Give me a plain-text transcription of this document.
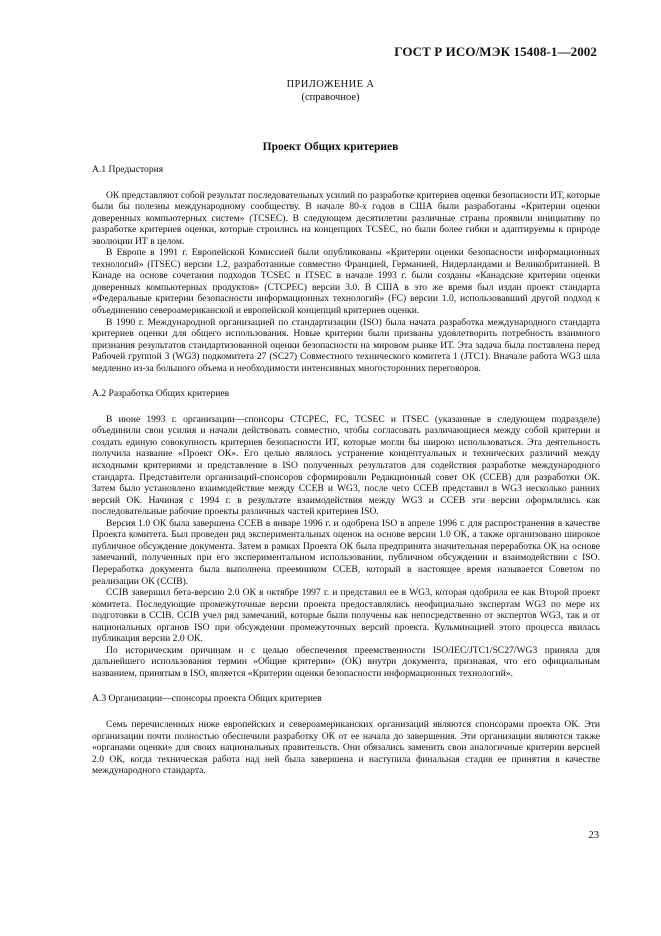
ГОСТ Р ИСО/МЭК 15408-1—2002
ПРИЛОЖЕНИЕ А
(справочное)
Проект Общих критериев

А.1 Предыстория

ОК представляют собой результат последовательных усилий по разработке критериев оценки безопасности ИТ, которые были бы полезны международному сообществу. В начале 80-х годов в США были разработаны «Критерии оценки доверенных компьютерных систем» (TCSEC). В следующем десятилетии различные страны проявили инициативу по разработке критериев оценки, которые строились на концепциях TCSEC, но были более гибки и адаптируемы к природе эволюции ИТ в целом.

В Европе в 1991 г. Европейской Комиссией были опубликованы «Критерии оценки безопасности информационных технологий» (ITSEC) версии 1.2, разработанные совместно Францией, Германией, Нидерландами и Великобританией. В Канаде на основе сочетания подходов TCSEC и ITSEC в начале 1993 г. были созданы «Канадские критерии оценки доверенных компьютерных продуктов» (CTCPEC) версии 3.0. В США в это же время был издан проект стандарта «Федеральные критерии безопасности информационных технологий» (FC) версии 1.0, использовавший другой подход к объединению североамериканской и европейской концепций критериев оценки.

В 1990 г. Международной организацией по стандартизации (ISO) была начата разработка международного стандарта критериев оценки для общего использования. Новые критерии были призваны удовлетворить потребность взаимного признания результатов стандартизованной оценки безопасности на мировом рынке ИТ. Эта задача была поставлена перед Рабочей группой 3 (WG3) подкомитета 27 (SC27) Совместного технического комитета 1 (JTC1). Вначале работа WG3 шла медленно из-за большого объема и необходимости интенсивных многосторонних переговоров.

А.2 Разработка Общих критериев

В июне 1993 г. организации—спонсоры CTCPEC, FC, TCSEC и ITSEC (указанные в следующем подразделе) объединили свои усилия и начали действовать совместно, чтобы согласовать различающиеся между собой критерии и создать единую совокупность критериев безопасности ИТ, которые могли бы широко использоваться. Эта деятельность получила название «Проект ОК». Его целью являлось устранение концептуальных и технических различий между исходными критериями и представление в ISO полученных результатов для содействия разработке международного стандарта. Представители организаций-спонсоров сформировали Редакционный совет ОК (CCEB) для разработки ОК. Затем было установлено взаимодействие между CCEB и WG3, после чего CCEB представил в WG3 несколько ранних версий ОК. Начиная с 1994 г. в результате взаимодействия между WG3 и CCEB эти версии оформлялись как последовательные рабочие проекты различных частей критериев ISO.

Версия 1.0 ОК была завершена CCEB в январе 1996 г. и одобрена ISO в апреле 1996 г. для распространения в качестве Проекта комитета. Был проведен ряд экспериментальных оценок на основе версии 1.0 ОК, а также организовано широкое публичное обсуждение документа. Затем в рамках Проекта ОК была предпринята значительная переработка ОК на основе замечаний, полученных при его экспериментальном использовании, публичном обсуждении и взаимодействии с ISO. Переработка документа была выполнена преемником CCEB, который в настоящее время называется Советом по реализации ОК (CCIB).

CCIB завершил бета-версию 2.0 ОК в октябре 1997 г. и представил ее в WG3, которая одобрила ее как Второй проект комитета. Последующие промежуточные версии проекта предоставлялись неофициально экспертам WG3 по мере их подготовки в CCIB. CCIB учел ряд замечаний, которые были получены как непосредственно от экспертов WG3, так и от национальных органов ISO при обсуждении промежуточных версий проекта. Кульминацией этого процесса явилась публикация версии 2.0 ОК.

По историческим причинам и с целью обеспечения преемственности ISO/IEC/JTC1/SC27/WG3 приняла для дальнейшего использования термин «Общие критерии» (ОК) внутри документа, признавая, что его официальным названием, принятым в ISO, является «Критерии оценки безопасности информационных технологий».

А.3 Организации—спонсоры проекта Общих критериев

Семь перечисленных ниже европейских и североамериканских организаций являются спонсорами проекта ОК. Эти организации почти полностью обеспечили разработку ОК от ее начала до завершения. Эти организации являются также «органами оценки» для своих национальных правительств. Они обязались заменить свои аналогичные критерии версией 2.0 ОК, когда техническая работа над ней была завершена и наступила финальная стадия ее принятия в качестве международного стандарта.

23
